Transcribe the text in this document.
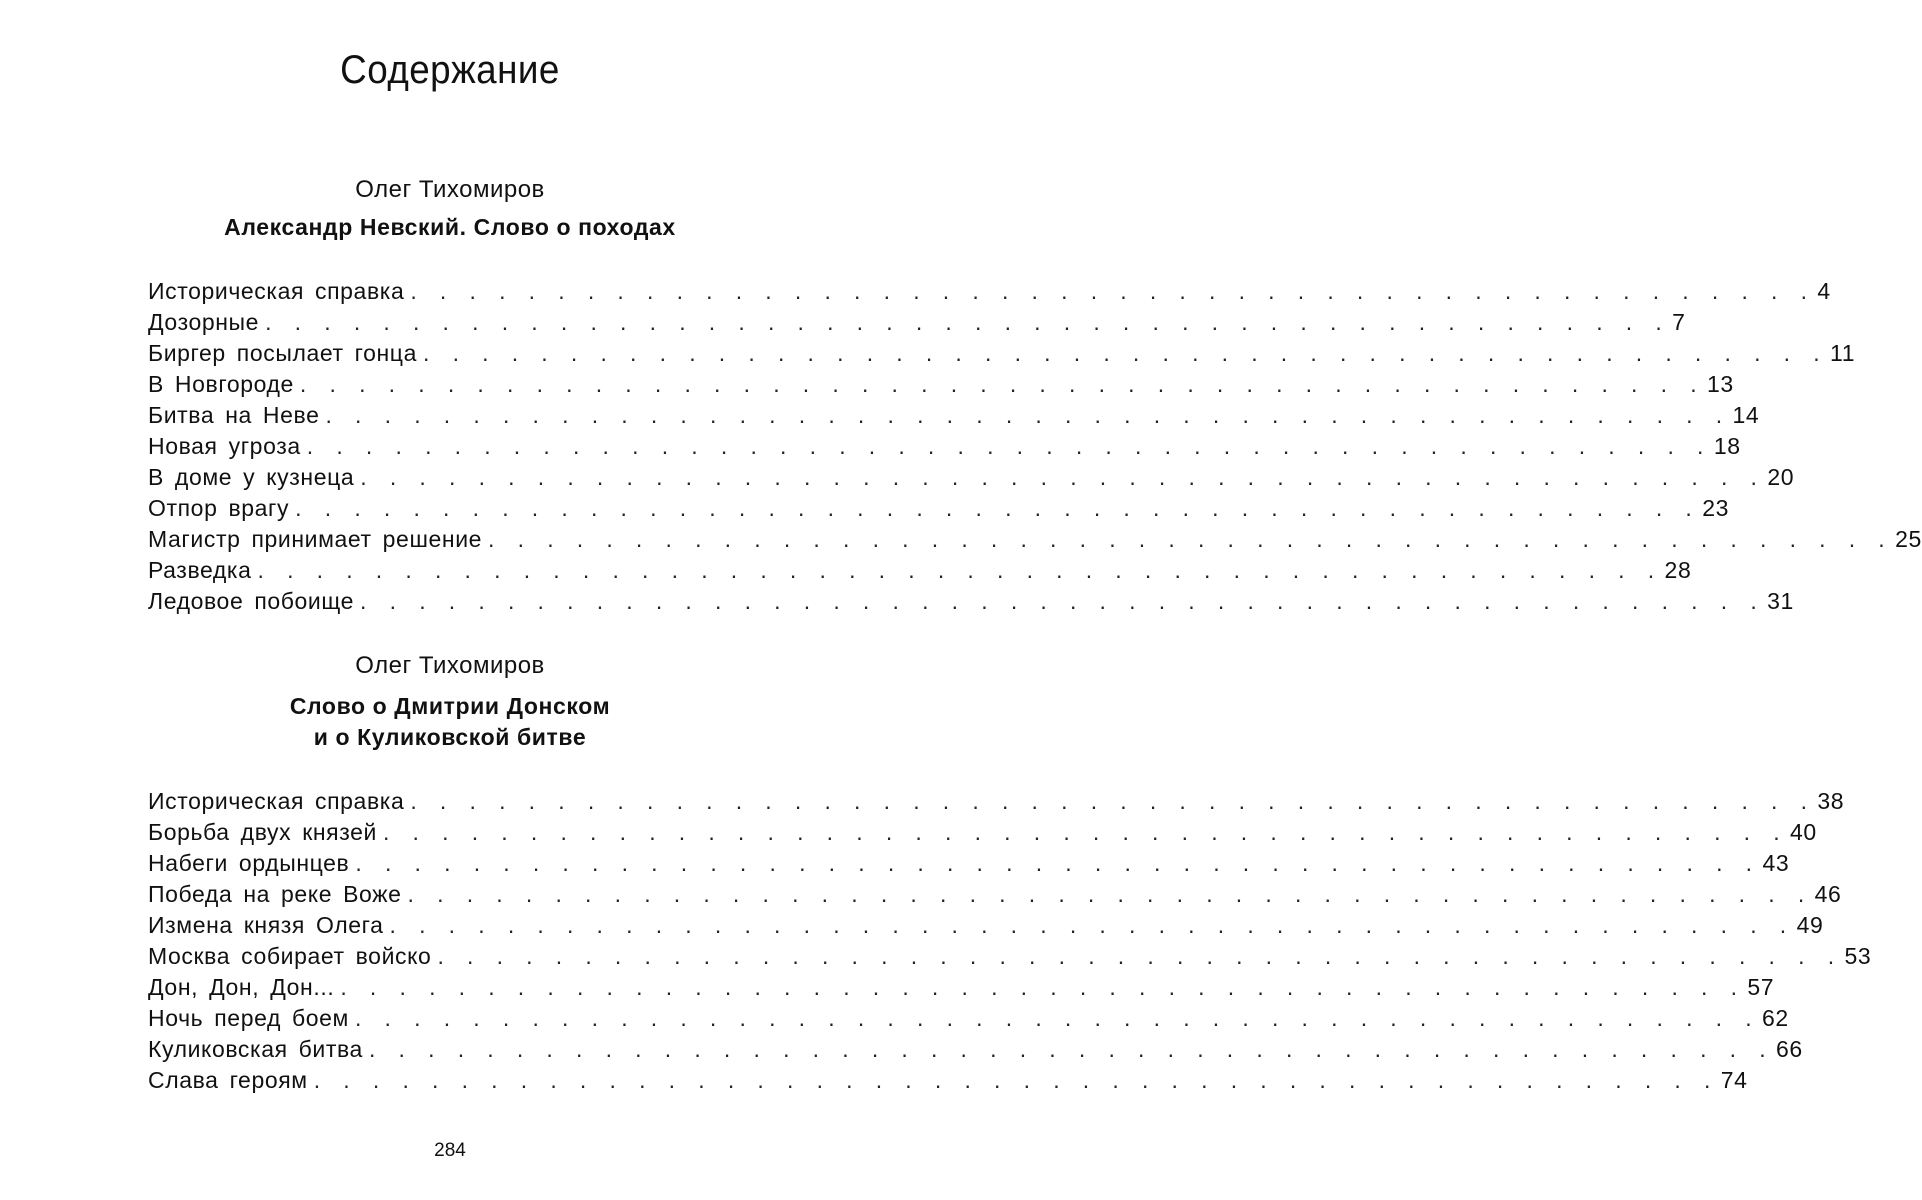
Содержание

Олег Тихомиров

Александр Невский. Слово о походах

Историческая справка . . . . . . . . . . . . . . . . . . . . . . . . . . . . . . . . . . . . . . . . . . . . . . . . 4
Дозорные . . . . . . . . . . . . . . . . . . . . . . . . . . . . . . . . . . . . . . . . . . . . . . . . 7
Биргер посылает гонца . . . . . . . . . . . . . . . . . . . . . . . . . . . . . . . . . . . . . . . . . . . . . . . . 11
В Новгороде . . . . . . . . . . . . . . . . . . . . . . . . . . . . . . . . . . . . . . . . . . . . . . . . 13
Битва на Неве . . . . . . . . . . . . . . . . . . . . . . . . . . . . . . . . . . . . . . . . . . . . . . . . 14
Новая угроза . . . . . . . . . . . . . . . . . . . . . . . . . . . . . . . . . . . . . . . . . . . . . . . . 18
В доме у кузнеца . . . . . . . . . . . . . . . . . . . . . . . . . . . . . . . . . . . . . . . . . . . . . . . . 20
Отпор врагу . . . . . . . . . . . . . . . . . . . . . . . . . . . . . . . . . . . . . . . . . . . . . . . . 23
Магистр принимает решение . . . . . . . . . . . . . . . . . . . . . . . . . . . . . . . . . . . . . . . . . . . . . . . . 25
Разведка . . . . . . . . . . . . . . . . . . . . . . . . . . . . . . . . . . . . . . . . . . . . . . . . 28
Ледовое побоище . . . . . . . . . . . . . . . . . . . . . . . . . . . . . . . . . . . . . . . . . . . . . . . . 31

Олег Тихомиров

Слово о Дмитрии Донском
и о Куликовской битве

Историческая справка . . . . . . . . . . . . . . . . . . . . . . . . . . . . . . . . . . . . . . . . . . . . . . . . 38
Борьба двух князей . . . . . . . . . . . . . . . . . . . . . . . . . . . . . . . . . . . . . . . . . . . . . . . . 40
Набеги ордынцев . . . . . . . . . . . . . . . . . . . . . . . . . . . . . . . . . . . . . . . . . . . . . . . . 43
Победа на реке Воже . . . . . . . . . . . . . . . . . . . . . . . . . . . . . . . . . . . . . . . . . . . . . . . . 46
Измена князя Олега . . . . . . . . . . . . . . . . . . . . . . . . . . . . . . . . . . . . . . . . . . . . . . . . 49
Москва собирает войско . . . . . . . . . . . . . . . . . . . . . . . . . . . . . . . . . . . . . . . . . . . . . . . . 53
Дон, Дон, Дон... . . . . . . . . . . . . . . . . . . . . . . . . . . . . . . . . . . . . . . . . . . . . . . . . 57
Ночь перед боем . . . . . . . . . . . . . . . . . . . . . . . . . . . . . . . . . . . . . . . . . . . . . . . . 62
Куликовская битва . . . . . . . . . . . . . . . . . . . . . . . . . . . . . . . . . . . . . . . . . . . . . . . . 66
Слава героям . . . . . . . . . . . . . . . . . . . . . . . . . . . . . . . . . . . . . . . . . . . . . . . . 74

284
